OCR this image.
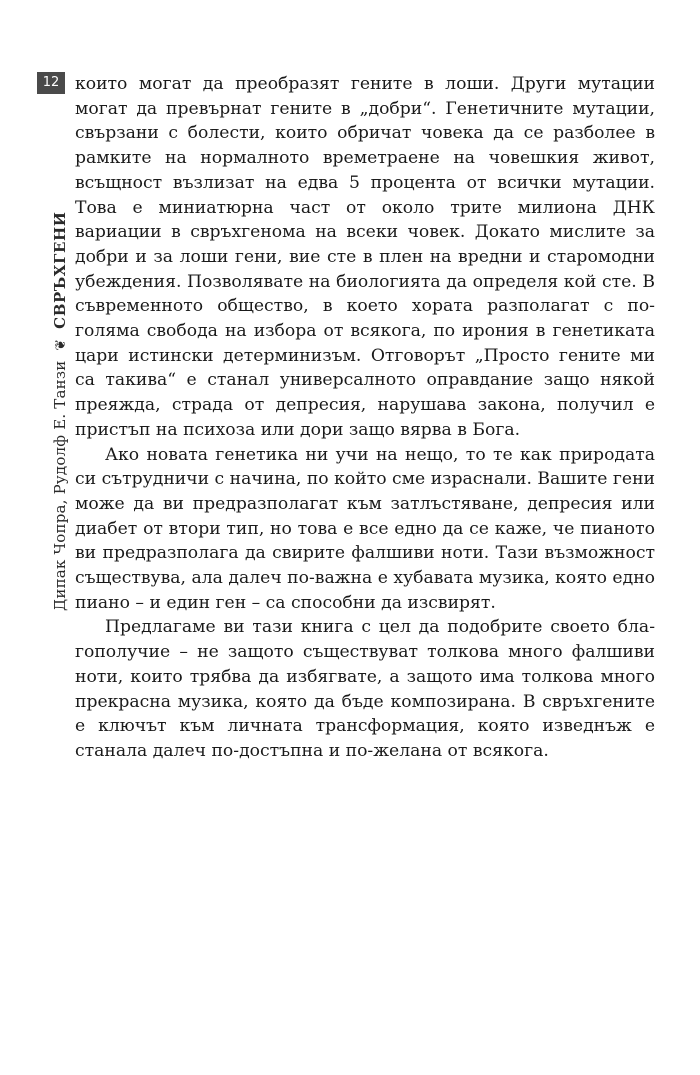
12
Дипак Чопра, Рудолф Е. Танзи❦СВРЪХГЕНИ

които могат да преобразят гените в лоши. Други мутации могат да превърнат гените в „добри“. Генетичните мутации, свързани с болести, които обричат човека да се разболее в рамките на нормалното времетраене на човешкия живот, всъщност възлизат на едва 5 процента от всички мутации. Това е миниатюрна част от около трите милиона ДНК вариации в свръхгенома на всеки човек. Докато мислите за добри и за лоши гени, вие сте в плен на вредни и старомодни убеждения. Позволявате на биологията да определя кой сте. В съвременното общество, в което хората разполагат с по-голяма свобода на избора от всякога, по ирония в генетиката цари истински детерминизъм. Отговорът „Просто гените ми са такива“ е станал универсалното оправдание защо някой преяжда, страда от депресия, нарушава закона, получил е пристъп на психоза или дори защо вярва в Бога.

Ако новата генетика ни учи на нещо, то те как природата си сътрудничи с начина, по който сме израснали. Вашите гени може да ви предразполагат към затлъстяване, депресия или диабет от втори тип, но това е все едно да се каже, че пианото ви предразполага да свирите фалшиви ноти. Тази възможност съществува, ала далеч по-важна е хубавата музика, която едно пиано – и един ген – са способни да изсвирят.

Предлагаме ви тази книга с цел да подобрите своето благополучие – не защото съществуват толкова много фалшиви ноти, които трябва да избягвате, а защото има толкова много прекрасна музика, която да бъде композирана. В свръхгените е ключът към личната трансформация, която изведнъж е станала далеч по-достъпна и по-желана от всякога.
